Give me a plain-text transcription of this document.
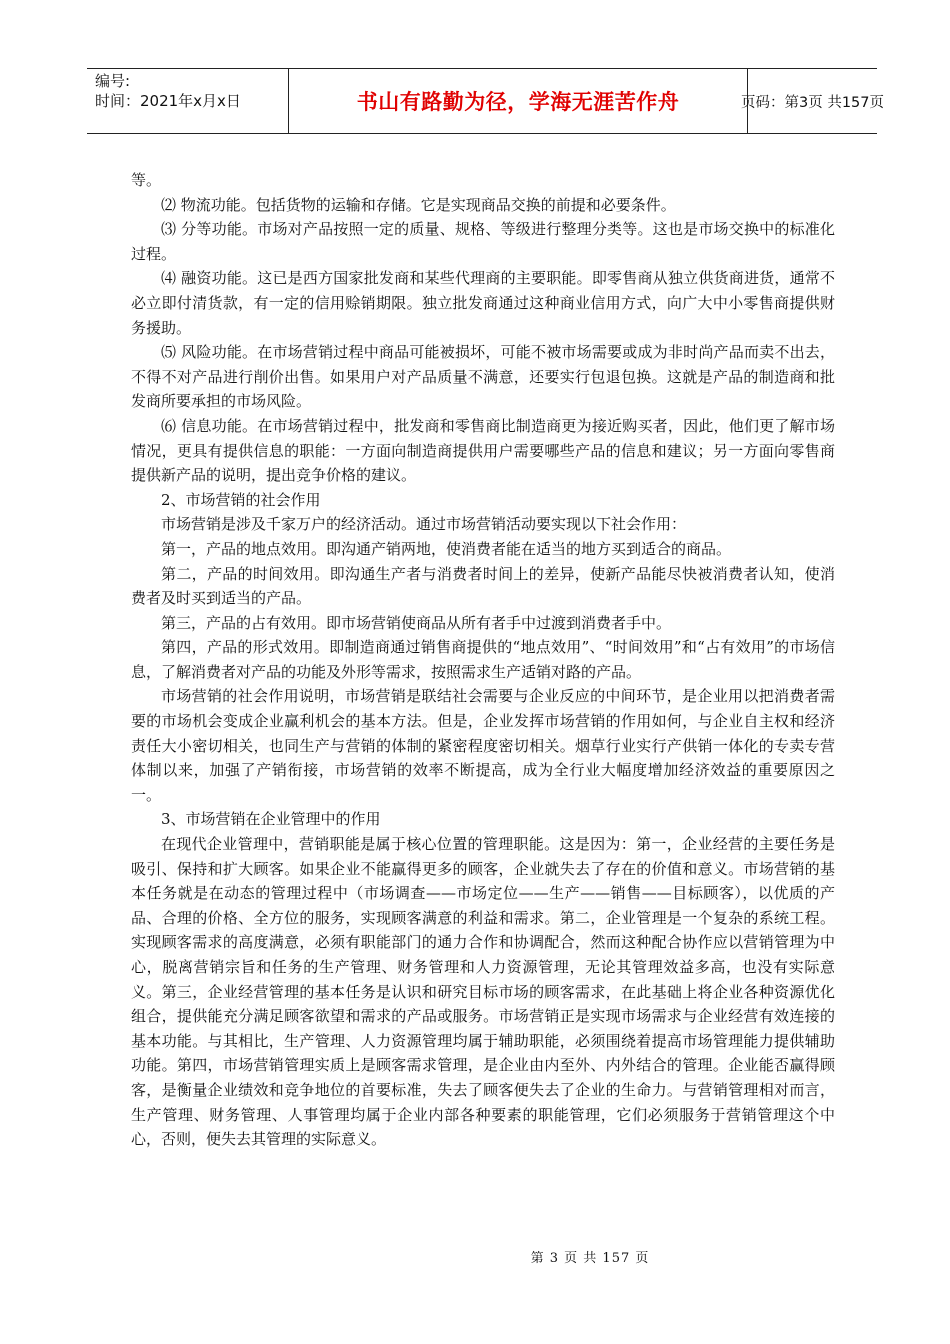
编号:
时间：2021年x月x日	书山有路勤为径，学海无涯苦作舟	页码：第3页 共157页

等。

⑵ 物流功能。包括货物的运输和存储。它是实现商品交换的前提和必要条件。

⑶ 分等功能。市场对产品按照一定的质量、规格、等级进行整理分类等。这也是市场交换中的标准化过程。

⑷ 融资功能。这已是西方国家批发商和某些代理商的主要职能。即零售商从独立供货商进货，通常不必立即付清货款，有一定的信用赊销期限。独立批发商通过这种商业信用方式，向广大中小零售商提供财务援助。

⑸ 风险功能。在市场营销过程中商品可能被损坏，可能不被市场需要或成为非时尚产品而卖不出去，不得不对产品进行削价出售。如果用户对产品质量不满意，还要实行包退包换。这就是产品的制造商和批发商所要承担的市场风险。

⑹ 信息功能。在市场营销过程中，批发商和零售商比制造商更为接近购买者，因此，他们更了解市场情况，更具有提供信息的职能：一方面向制造商提供用户需要哪些产品的信息和建议；另一方面向零售商提供新产品的说明，提出竞争价格的建议。

2、市场营销的社会作用

市场营销是涉及千家万户的经济活动。通过市场营销活动要实现以下社会作用：

第一，产品的地点效用。即沟通产销两地，使消费者能在适当的地方买到适合的商品。

第二，产品的时间效用。即沟通生产者与消费者时间上的差异，使新产品能尽快被消费者认知，使消费者及时买到适当的产品。

第三，产品的占有效用。即市场营销使商品从所有者手中过渡到消费者手中。

第四，产品的形式效用。即制造商通过销售商提供的“地点效用”、“时间效用”和“占有效用”的市场信息，了解消费者对产品的功能及外形等需求，按照需求生产适销对路的产品。

市场营销的社会作用说明，市场营销是联结社会需要与企业反应的中间环节，是企业用以把消费者需要的市场机会变成企业赢利机会的基本方法。但是，企业发挥市场营销的作用如何，与企业自主权和经济责任大小密切相关，也同生产与营销的体制的紧密程度密切相关。烟草行业实行产供销一体化的专卖专营体制以来，加强了产销衔接，市场营销的效率不断提高，成为全行业大幅度增加经济效益的重要原因之一。

3、市场营销在企业管理中的作用

在现代企业管理中，营销职能是属于核心位置的管理职能。这是因为：第一，企业经营的主要任务是吸引、保持和扩大顾客。如果企业不能赢得更多的顾客，企业就失去了存在的价值和意义。市场营销的基本任务就是在动态的管理过程中（市场调查——市场定位——生产——销售——目标顾客），以优质的产品、合理的价格、全方位的服务，实现顾客满意的利益和需求。第二，企业管理是一个复杂的系统工程。实现顾客需求的高度满意，必须有职能部门的通力合作和协调配合，然而这种配合协作应以营销管理为中心，脱离营销宗旨和任务的生产管理、财务管理和人力资源管理，无论其管理效益多高，也没有实际意义。第三，企业经营管理的基本任务是认识和研究目标市场的顾客需求，在此基础上将企业各种资源优化组合，提供能充分满足顾客欲望和需求的产品或服务。市场营销正是实现市场需求与企业经营有效连接的基本功能。与其相比，生产管理、人力资源管理均属于辅助职能，必须围绕着提高市场管理能力提供辅助功能。第四，市场营销管理实质上是顾客需求管理，是企业由内至外、内外结合的管理。企业能否赢得顾客，是衡量企业绩效和竞争地位的首要标准，失去了顾客便失去了企业的生命力。与营销管理相对而言，生产管理、财务管理、人事管理均属于企业内部各种要素的职能管理，它们必须服务于营销管理这个中心，否则，便失去其管理的实际意义。

第 3 页 共 157 页
